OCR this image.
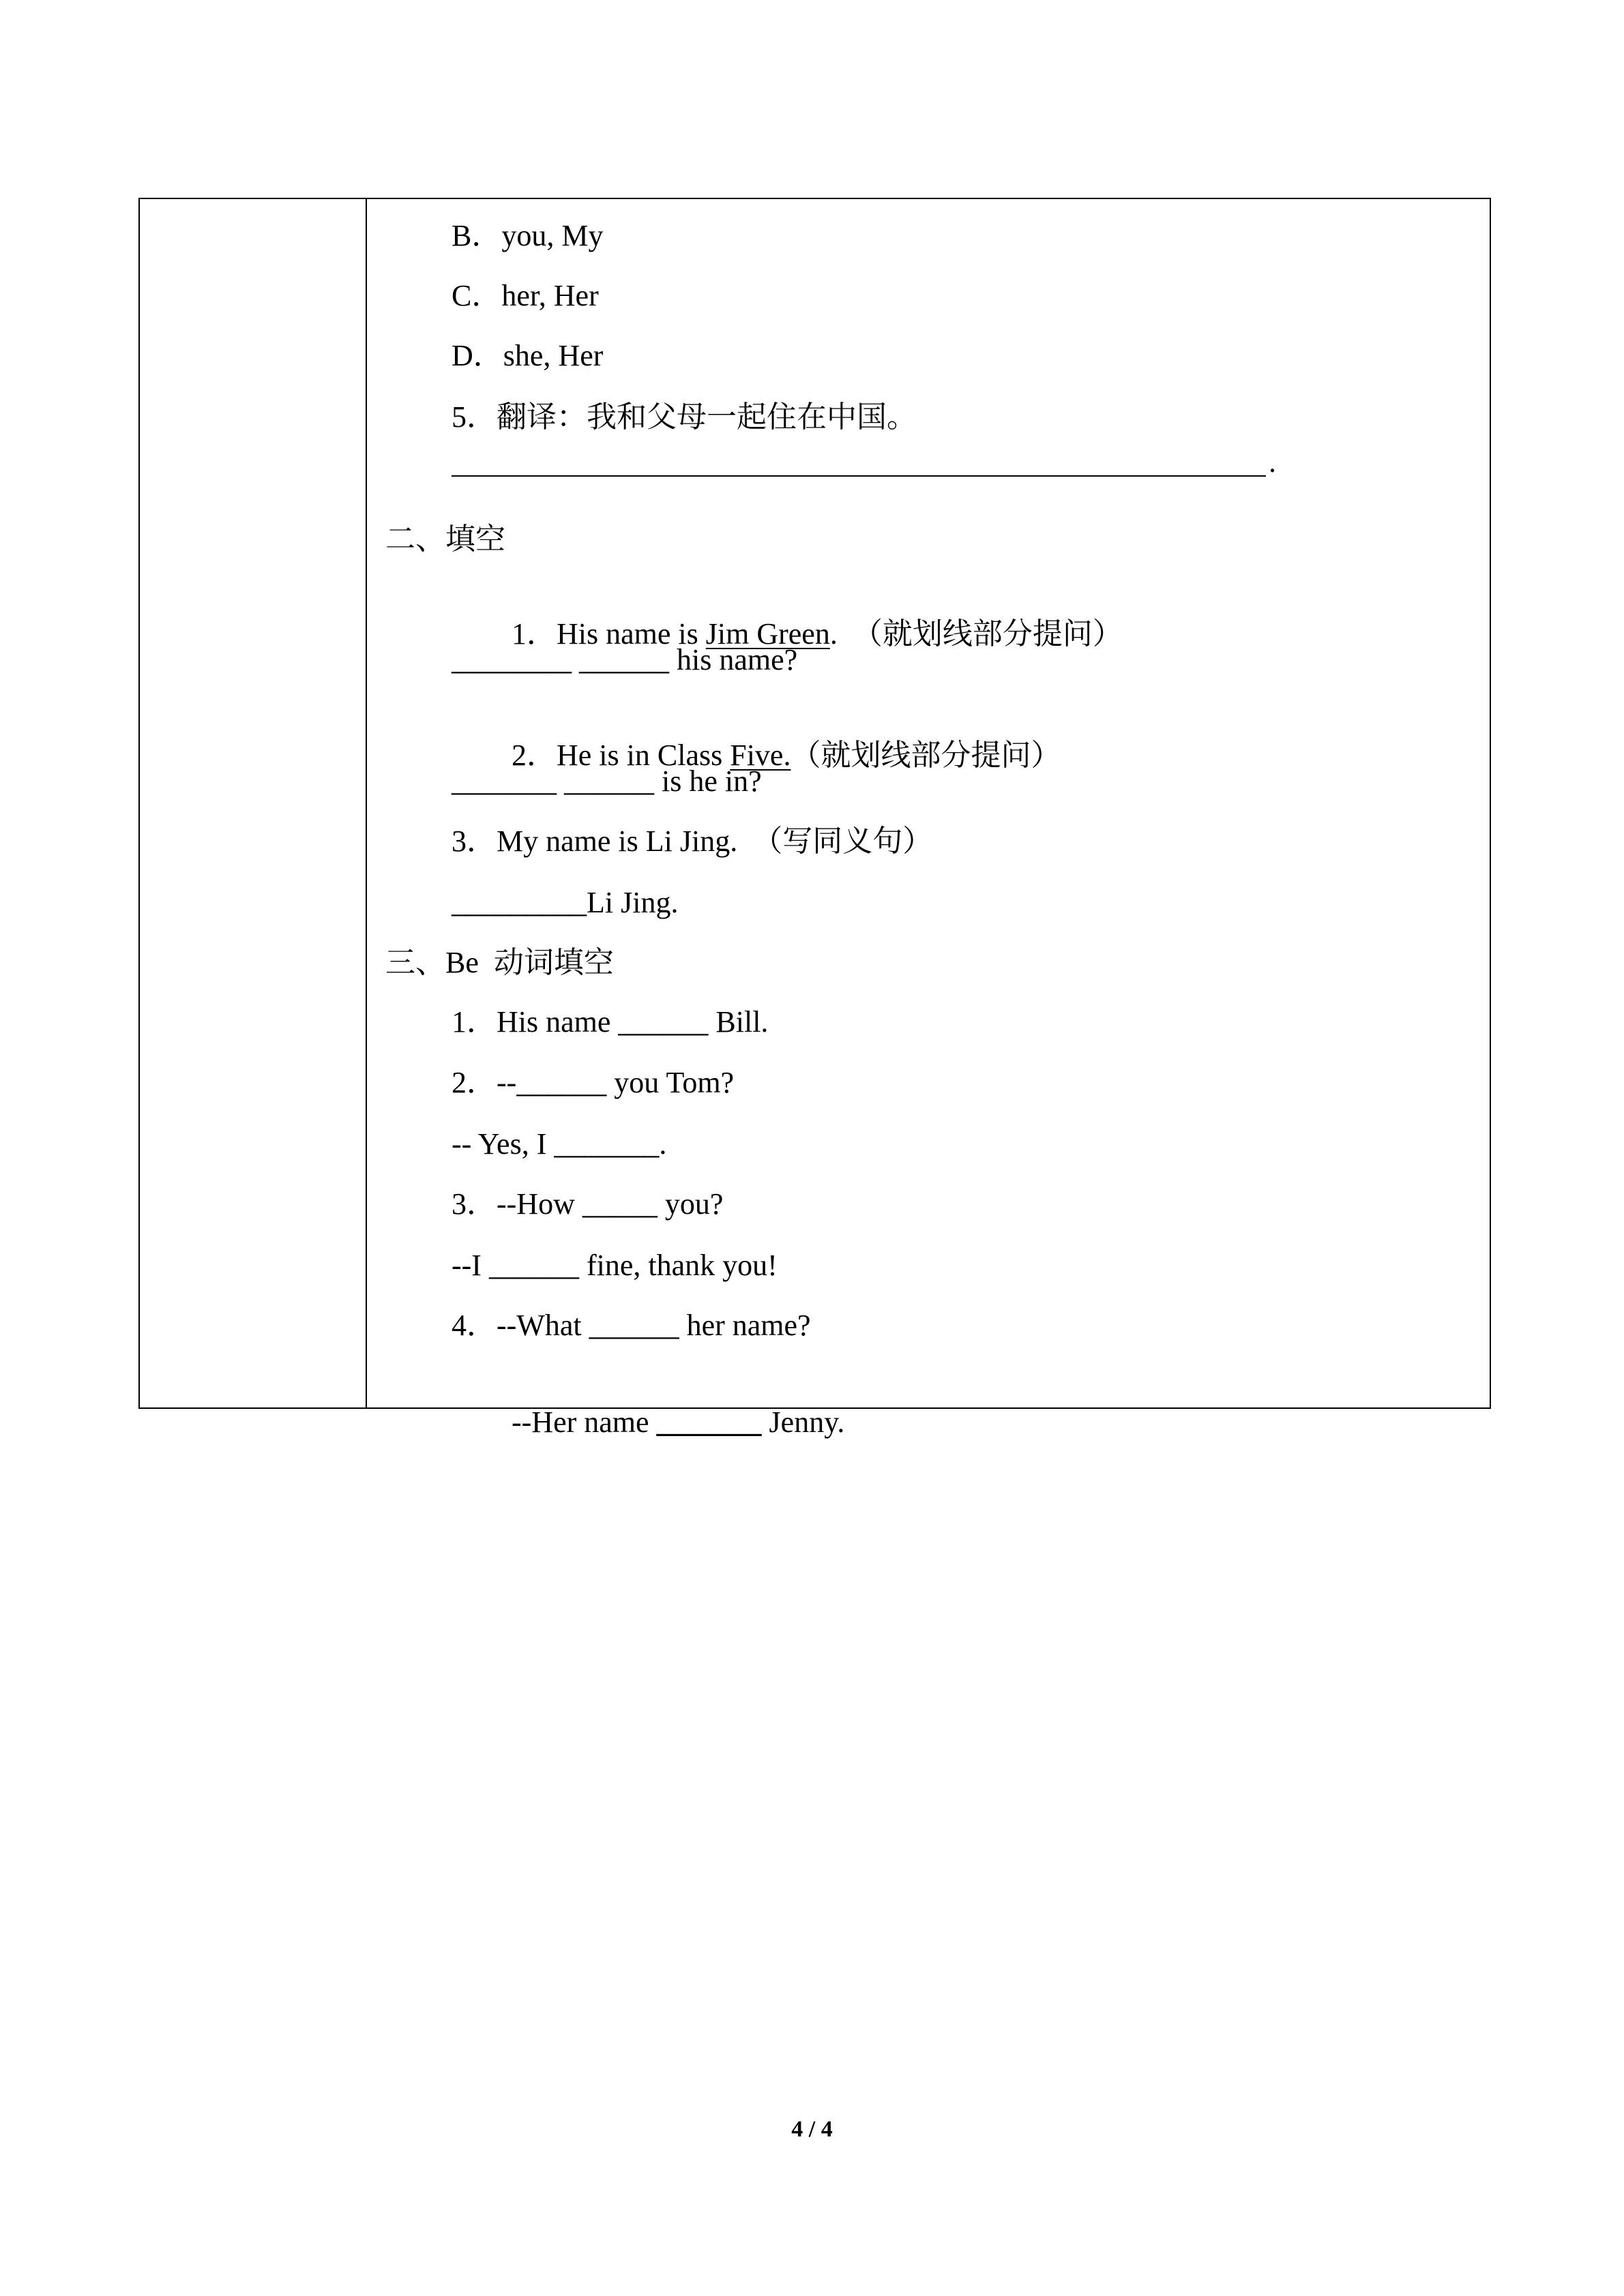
B．you, My
C．her, Her
D．she, Her
5．翻译：我和父母一起住在中国。
.
二、填空

1．His name is Jim Green.  （就划线部分提问）

________ ______ his name?

2．He is in Class Five.（就划线部分提问）

_______ ______ is he in?
3．My name is Li Jing.  （写同义句）
_________Li Jing.
三、Be  动词填空
1．His name ______ Bill.
2．--______ you Tom?
-- Yes, I _______.
3．--How _____ you?
--I ______ fine, thank you!
4．--What ______ her name?

--Her name _______ Jenny.

4 / 4
